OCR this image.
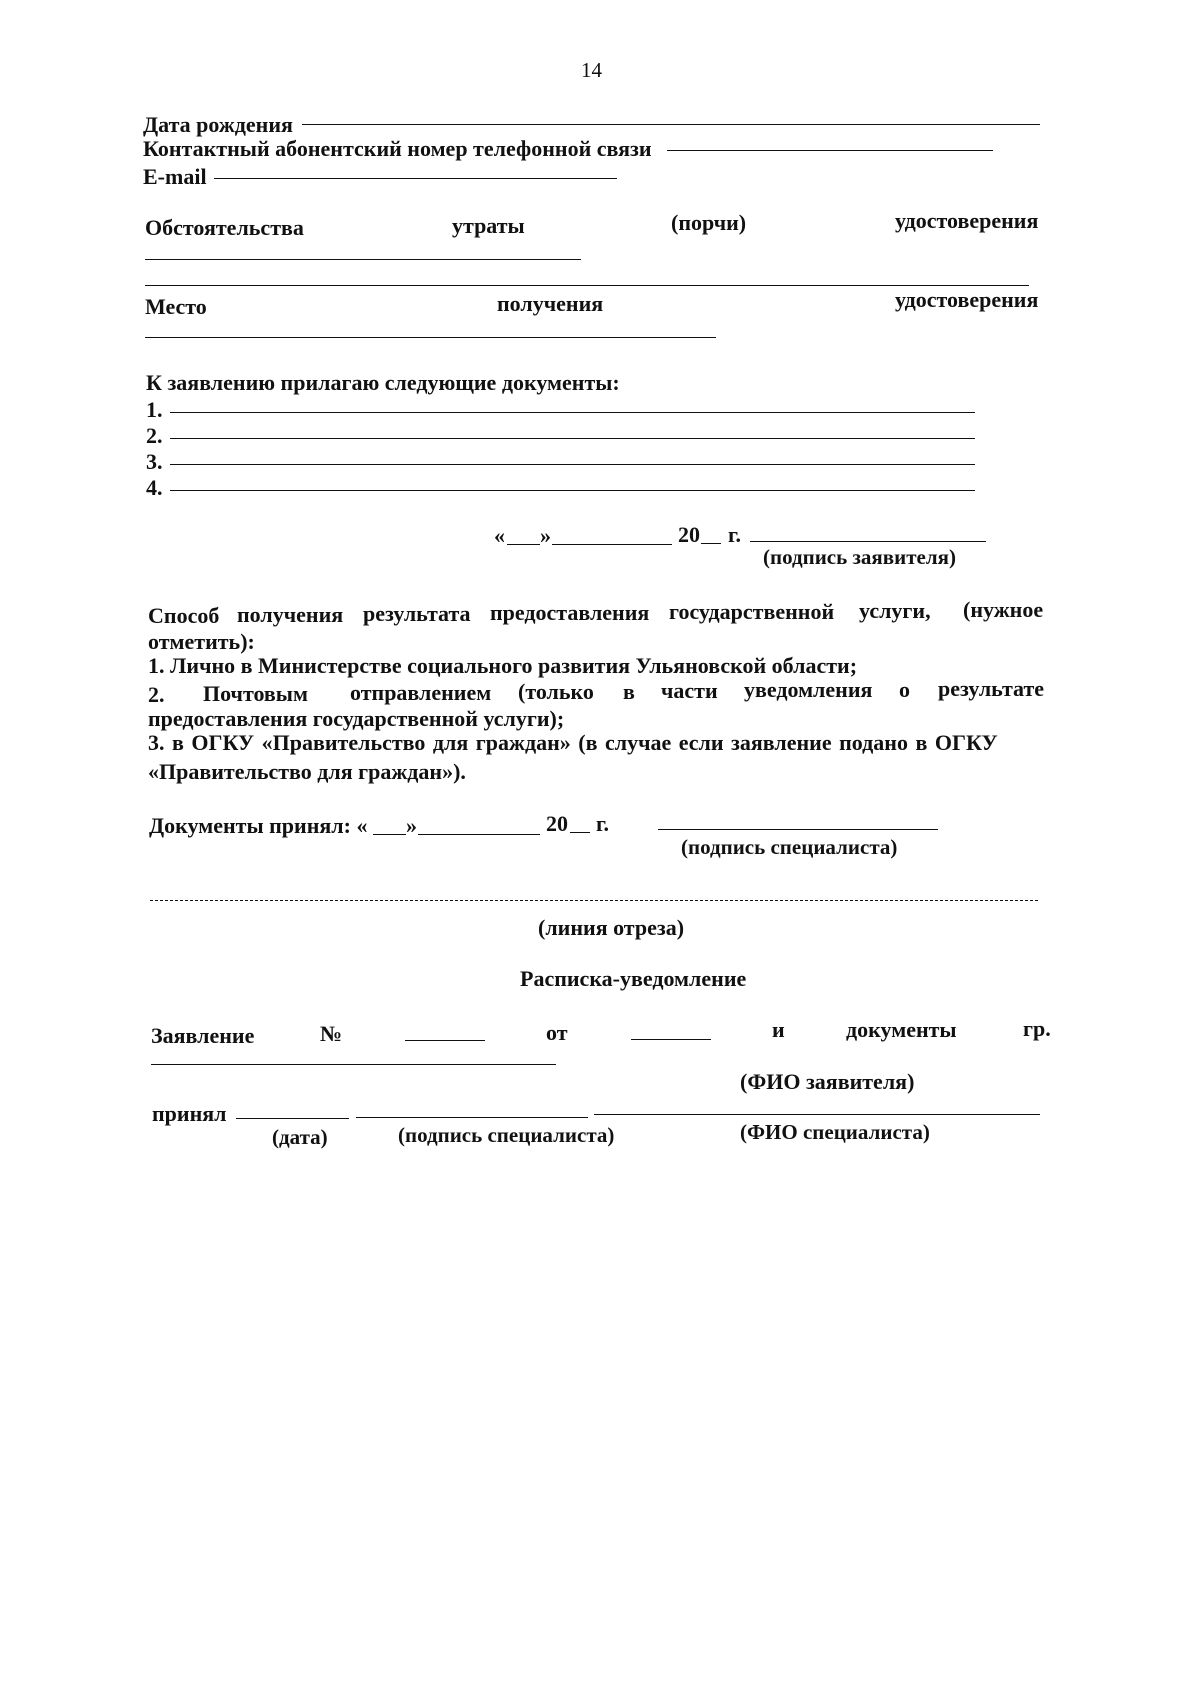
14
Дата рождения
Контактный абонентский номер телефонной связи
E-mail
Обстоятельства	утраты	(порчи)	удостоверения
Место	получения	удостоверения
К заявлению прилагаю следующие документы:
1.
2.
3.
4.
« »	20 г.
(подпись заявителя)
Способ получения результата предоставления государственной услуги, (нужное
отметить):
1. Лично в Министерстве социального развития Ульяновской области;
2. Почтовым отправлением (только в части уведомления о результате
предоставления государственной услуги);
3. в ОГКУ «Правительство для граждан» (в случае если заявление подано в ОГКУ
«Правительство для граждан»).
Документы принял: « »	20 г.
(подпись специалиста)
(линия отреза)
Расписка-уведомление
Заявление	№	от	и	документы	гр.
(ФИО заявителя)
принял
(дата)	(подпись специалиста)	(ФИО специалиста)
